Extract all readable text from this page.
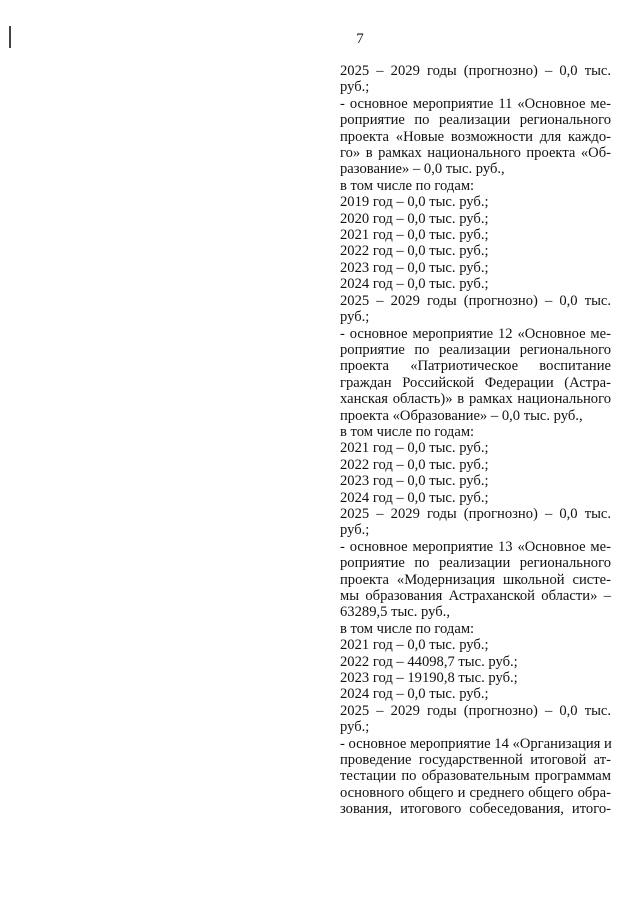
7
2025 – 2029 годы (прогнозно) – 0,0 тыс.
руб.;
- основное мероприятие 11 «Основное ме-
роприятие по реализации регионального
проекта «Новые возможности для каждо-
го» в рамках национального проекта «Об-
разование» – 0,0 тыс. руб.,
в том числе по годам:
2019 год – 0,0 тыс. руб.;
2020 год – 0,0 тыс. руб.;
2021 год – 0,0 тыс. руб.;
2022 год – 0,0 тыс. руб.;
2023 год – 0,0 тыс. руб.;
2024 год – 0,0 тыс. руб.;
2025 – 2029 годы (прогнозно) – 0,0 тыс.
руб.;
- основное мероприятие 12 «Основное ме-
роприятие по реализации регионального
проекта «Патриотическое воспитание
граждан Российской Федерации (Астра-
ханская область)» в рамках национального
проекта «Образование» – 0,0 тыс. руб.,
в том числе по годам:
2021 год – 0,0 тыс. руб.;
2022 год – 0,0 тыс. руб.;
2023 год – 0,0 тыс. руб.;
2024 год – 0,0 тыс. руб.;
2025 – 2029 годы (прогнозно) – 0,0 тыс.
руб.;
- основное мероприятие 13 «Основное ме-
роприятие по реализации регионального
проекта «Модернизация школьной систе-
мы образования Астраханской области» –
63289,5 тыс. руб.,
в том числе по годам:
2021 год – 0,0 тыс. руб.;
2022 год – 44098,7 тыс. руб.;
2023 год – 19190,8 тыс. руб.;
2024 год – 0,0 тыс. руб.;
2025 – 2029 годы (прогнозно) – 0,0 тыс.
руб.;
- основное мероприятие 14 «Организация и
проведение государственной итоговой ат-
тестации по образовательным программам
основного общего и среднего общего обра-
зования, итогового собеседования, итого-
